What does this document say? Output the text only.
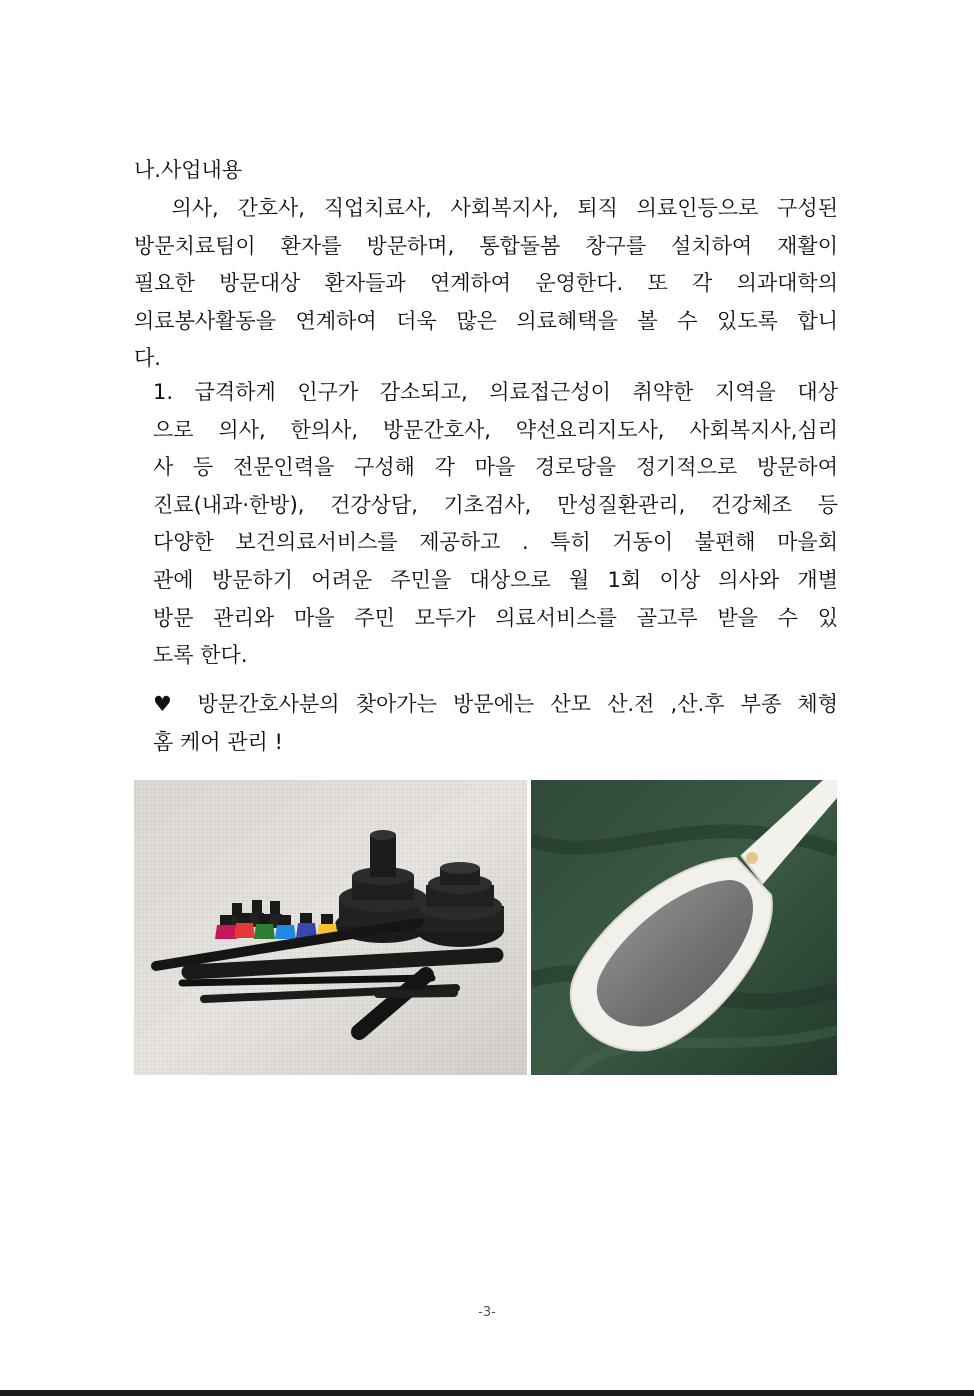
나.사업내용
의사, 간호사, 직업치료사, 사회복지사, 퇴직 의료인등으로 구성된
방문치료팀이 환자를 방문하며, 통합돌봄 창구를 설치하여 재활이
필요한 방문대상 환자들과 연계하여 운영한다. 또 각 의과대학의
의료봉사활동을 연계하여 더욱 많은 의료혜택을 볼 수 있도록 합니
다.
1. 급격하게 인구가 감소되고, 의료접근성이 취약한 지역을 대상
으로 의사, 한의사, 방문간호사, 약선요리지도사, 사회복지사,심리
사 등 전문인력을 구성해 각 마을 경로당을 정기적으로 방문하여
진료(내과·한방), 건강상담, 기초검사, 만성질환관리, 건강체조 등
다양한 보건의료서비스를 제공하고 . 특히 거동이 불편해 마을회
관에 방문하기 어려운 주민을 대상으로 월 1회 이상 의사와 개별
방문 관리와 마을 주민 모두가 의료서비스를 골고루 받을 수 있
도록 한다.
♥ 방문간호사분의 찾아가는 방문에는 산모 산.전 ,산.후 부종 체형
홈 케어 관리 !
-3-
